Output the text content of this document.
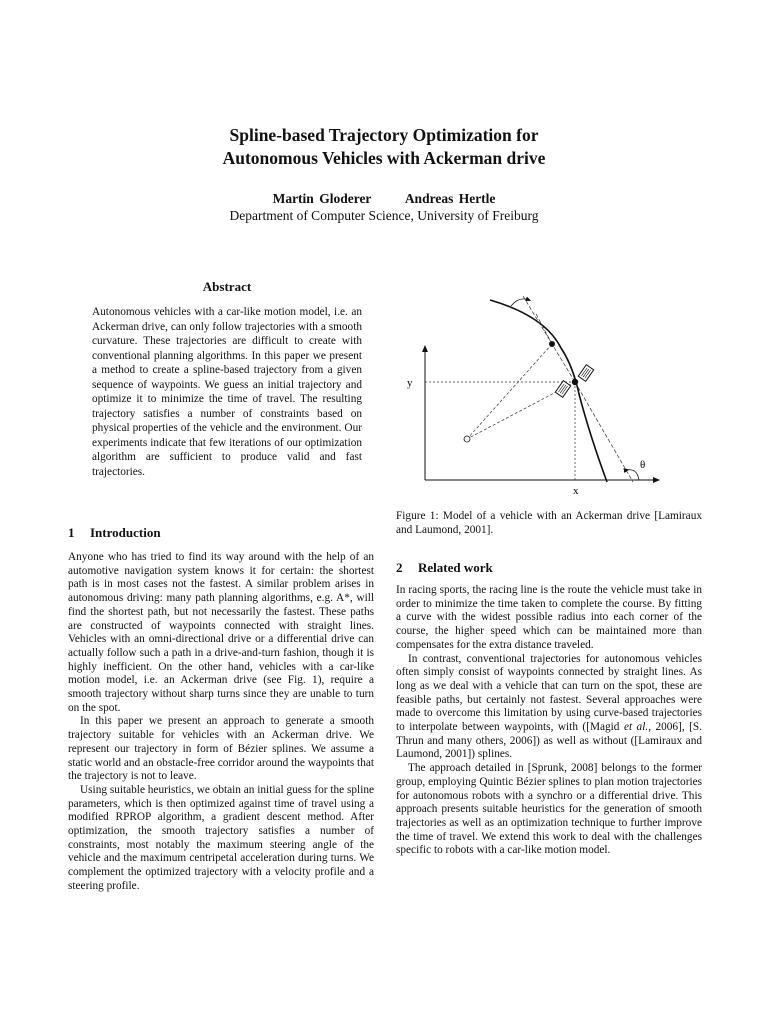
Spline-based Trajectory Optimization for
Autonomous Vehicles with Ackerman drive
Martin Gloderer Andreas Hertle
Department of Computer Science, University of Freiburg
Abstract
Autonomous vehicles with a car-like motion model, i.e. an Ackerman drive, can only follow trajectories with a smooth curvature. These trajectories are difficult to create with conventional planning algorithms. In this paper we present a method to create a spline-based trajectory from a given sequence of waypoints. We guess an initial trajectory and optimize it to minimize the time of travel. The resulting trajectory satisfies a number of constraints based on physical properties of the vehicle and the environment. Our experiments indicate that few iterations of our optimization algorithm are sufficient to produce valid and fast trajectories.
1 Introduction

Anyone who has tried to find its way around with the help of an automotive navigation system knows it for certain: the shortest path is in most cases not the fastest. A similar problem arises in autonomous driving: many path planning algorithms, e.g. A*, will find the shortest path, but not necessarily the fastest. These paths are constructed of waypoints connected with straight lines. Vehicles with an omni-directional drive or a differential drive can actually follow such a path in a drive-and-turn fashion, though it is highly inefficient. On the other hand, vehicles with a car-like motion model, i.e. an Ackerman drive (see Fig. 1), require a smooth trajectory without sharp turns since they are unable to turn on the spot.

In this paper we present an approach to generate a smooth trajectory suitable for vehicles with an Ackerman drive. We represent our trajectory in form of Bézier splines. We assume a static world and an obstacle-free corridor around the waypoints that the trajectory is not to leave.

Using suitable heuristics, we obtain an initial guess for the spline parameters, which is then optimized against time of travel using a modified RPROP algorithm, a gradient descent method. After optimization, the smooth trajectory satisfies a number of constraints, most notably the maximum steering angle of the vehicle and the maximum centripetal acceleration during turns. We complement the optimized trajectory with a velocity profile and a steering profile.

y
x
θ
Figure 1: Model of a vehicle with an Ackerman drive [Lamiraux and Laumond, 2001].
2 Related work

In racing sports, the racing line is the route the vehicle must take in order to minimize the time taken to complete the course. By fitting a curve with the widest possible radius into each corner of the course, the higher speed which can be maintained more than compensates for the extra distance traveled.

In contrast, conventional trajectories for autonomous vehicles often simply consist of waypoints connected by straight lines. As long as we deal with a vehicle that can turn on the spot, these are feasible paths, but certainly not fastest. Several approaches were made to overcome this limitation by using curve-based trajectories to interpolate between waypoints, with ([Magid et al., 2006], [S. Thrun and many others, 2006]) as well as without ([Lamiraux and Laumond, 2001]) splines.

The approach detailed in [Sprunk, 2008] belongs to the former group, employing Quintic Bézier splines to plan motion trajectories for autonomous robots with a synchro or a differential drive. This approach presents suitable heuristics for the generation of smooth trajectories as well as an optimization technique to further improve the time of travel. We extend this work to deal with the challenges specific to robots with a car-like motion model.
